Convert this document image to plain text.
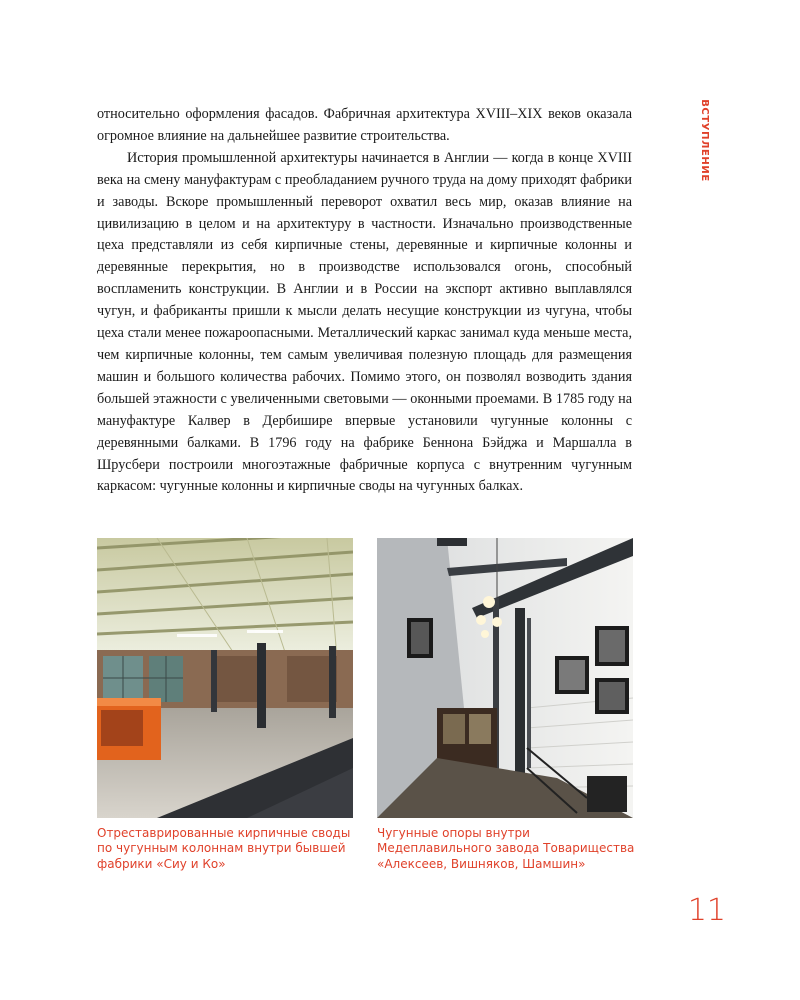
ВСТУПЛЕНИЕ

относительно оформления фасадов. Фабричная архитектура XVIII–XIX веков оказала огромное влияние на дальнейшее развитие строительства.

История промышленной архитектуры начинается в Англии — когда в конце XVIII века на смену мануфактурам с преобладанием ручного труда на дому приходят фабрики и заводы. Вскоре промышленный переворот охватил весь мир, оказав влияние на цивилизацию в целом и на архитектуру в частности. Изначально производственные цеха представляли из себя кирпичные стены, деревянные и кирпичные колонны и деревянные перекрытия, но в производстве использовался огонь, способный воспламенить конструкции. В Англии и в России на экспорт активно выплавлялся чугун, и фабриканты пришли к мысли делать несущие конструкции из чугуна, чтобы цеха стали менее пожароопасными. Металлический каркас занимал куда меньше места, чем кирпичные колонны, тем самым увеличивая полезную площадь для размещения машин и большого количества рабочих. Помимо этого, он позволял возводить здания большей этажности с увеличенными световыми — оконными проемами. В 1785 году на мануфактуре Калвер в Дербишире впервые установили чугунные колонны с деревянными балками. В 1796 году на фабрике Беннона Бэйджа и Маршалла в Шрусбери построили многоэтажные фабричные корпуса с внутренним чугунным каркасом: чугунные колонны и кирпичные своды на чугунных балках.

Отреставрированные кирпичные своды по чугунным колоннам внутри бывшей фабрики «Сиу и Ко»
Чугунные опоры внутри Медеплавильного завода Товарищества «Алексеев, Вишняков, Шамшин»
11
